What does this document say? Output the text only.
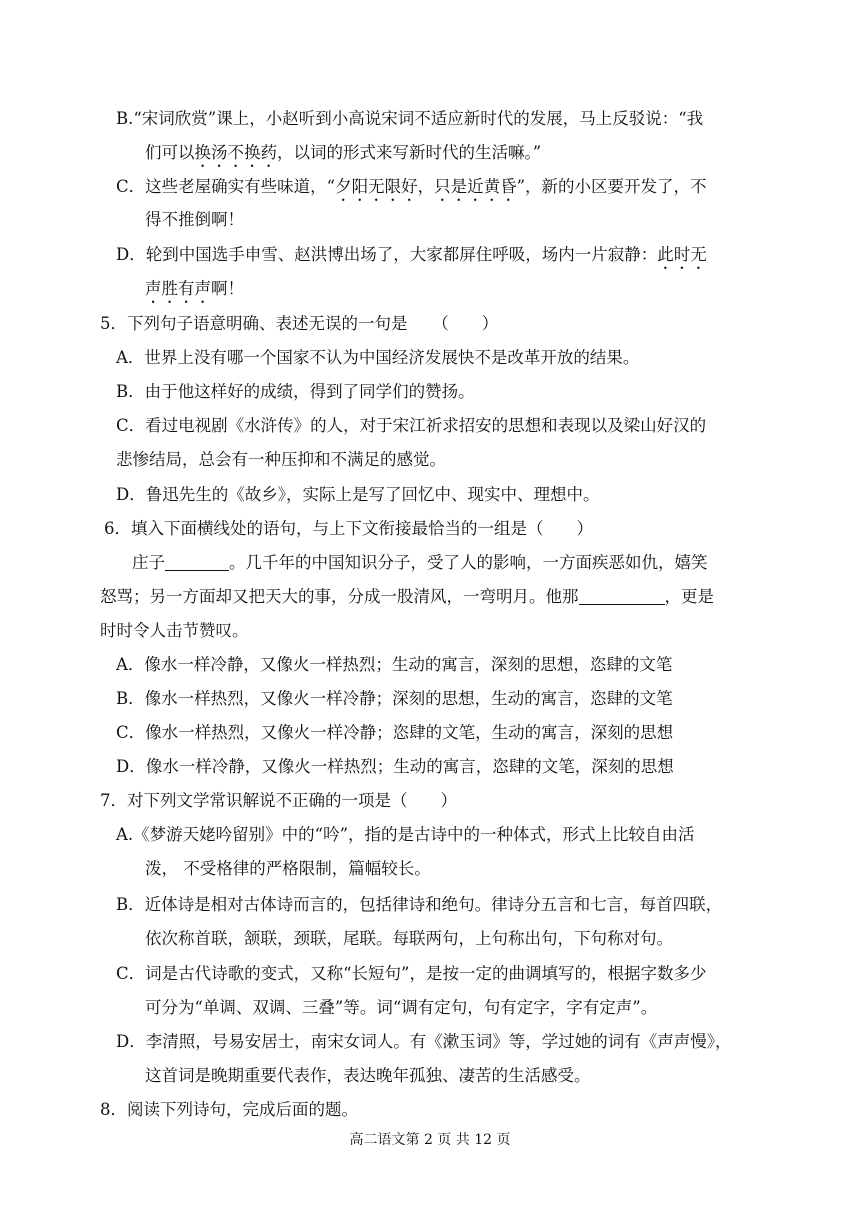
B.“宋词欣赏”课上，小赵听到小高说宋词不适应新时代的发展，马上反驳说：“我
们可以换汤不换药，以词的形式来写新时代的生活嘛。”
C．这些老屋确实有些味道，“夕阳无限好，只是近黄昏”，新的小区要开发了，不
得不推倒啊！
D．轮到中国选手申雪、赵洪博出场了，大家都屏住呼吸，场内一片寂静：此时无
声胜有声啊！
5．下列句子语意明确、表述无误的一句是　　（　　）
A．世界上没有哪一个国家不认为中国经济发展快不是改革开放的结果。
B．由于他这样好的成绩，得到了同学们的赞扬。
C．看过电视剧《水浒传》的人，对于宋江祈求招安的思想和表现以及梁山好汉的
悲惨结局，总会有一种压抑和不满足的感觉。
D．鲁迅先生的《故乡》，实际上是写了回忆中、现实中、理想中。
6．填入下面横线处的语句，与上下文衔接最恰当的一组是（　　）
庄子	。几千年的中国知识分子，受了人的影响，一方面疾恶如仇，嬉笑
怒骂；另一方面却又把天大的事，分成一股清风，一弯明月。他那	，更是
时时令人击节赞叹。
A．像水一样冷静，又像火一样热烈；生动的寓言，深刻的思想，恣肆的文笔
B．像水一样热烈，又像火一样冷静；深刻的思想，生动的寓言，恣肆的文笔
C．像水一样热烈，又像火一样冷静；恣肆的文笔，生动的寓言，深刻的思想
D．像水一样冷静，又像火一样热烈；生动的寓言，恣肆的文笔，深刻的思想
7．对下列文学常识解说不正确的一项是（　　）
A.《梦游天姥吟留别》中的“吟”，指的是古诗中的一种体式，形式上比较自由活
泼， 不受格律的严格限制，篇幅较长。
B．近体诗是相对古体诗而言的，包括律诗和绝句。律诗分五言和七言，每首四联，
依次称首联，颔联，颈联，尾联。每联两句，上句称出句，下句称对句。
C．词是古代诗歌的变式，又称“长短句”，是按一定的曲调填写的，根据字数多少
可分为“单调、双调、三叠”等。词“调有定句，句有定字，字有定声”。
D．李清照，号易安居士，南宋女词人。有《漱玉词》等，学过她的词有《声声慢》，
这首词是晚期重要代表作，表达晚年孤独、凄苦的生活感受。
8．阅读下列诗句，完成后面的题。
高二语文第 2 页 共 12 页
